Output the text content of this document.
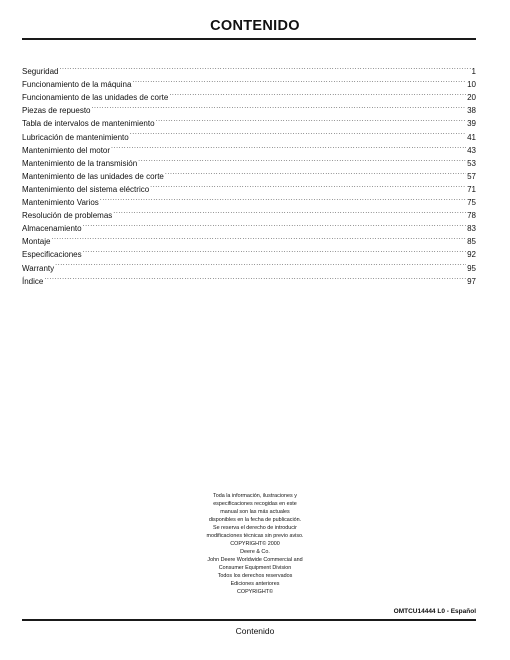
CONTENIDO
Seguridad .....	1
Funcionamiento de la máquina .....	10
Funcionamiento de las unidades de corte .....	20
Piezas de repuesto .....	38
Tabla de intervalos de mantenimiento .....	39
Lubricación de mantenimiento .....	41
Mantenimiento del motor .....	43
Mantenimiento de la transmisión .....	53
Mantenimiento de las unidades de corte .....	57
Mantenimiento del sistema eléctrico .....	71
Mantenimiento Varios .....	75
Resolución de problemas .....	78
Almacenamiento .....	83
Montaje .....	85
Especificaciones .....	92
Warranty .....	95
Índice .....	97
Toda la información, ilustraciones y
especificaciones recogidas en este
manual son las más actuales
disponibles en la fecha de publicación.
Se reserva el derecho de introducir
modificaciones técnicas sin previo aviso.
COPYRIGHT© 2000
Deere & Co.
John Deere Worldwide Commercial and
Consumer Equipment Division
Todos los derechos reservados
Ediciones anteriores
COPYRIGHT©
OMTCU14444 L0 - Español
Contenido
